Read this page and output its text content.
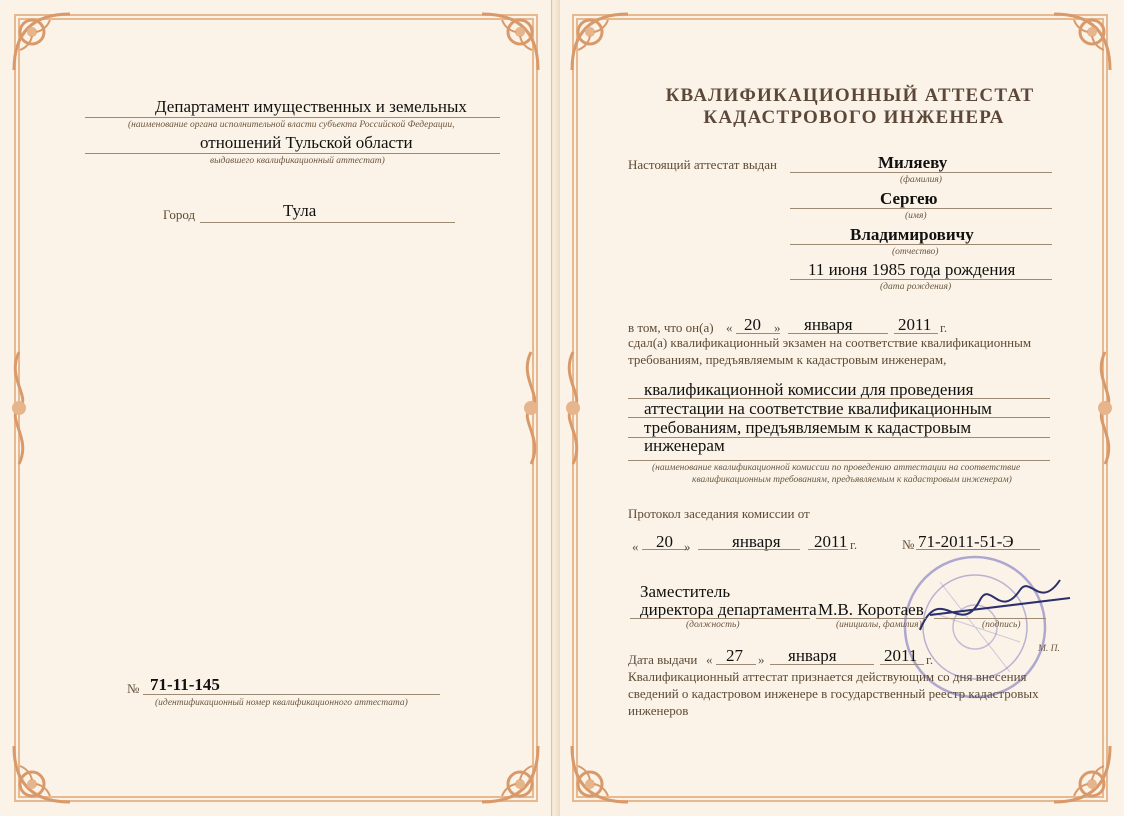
Департамент имущественных и земельных
(наименование органа исполнительной власти субъекта Российской Федерации,
отношений Тульской области
выдавшего квалификационный аттестат)
Город	Тула
№ 71-11-145
(идентификационный номер квалификационного аттестата)
КВАЛИФИКАЦИОННЫЙ АТТЕСТАТ
КАДАСТРОВОГО ИНЖЕНЕРА
Настоящий аттестат выдан	Миляеву
(фамилия)
Сергею
(имя)
Владимировичу
(отчество)
11 июня 1985 года рождения
(дата рождения)
в том, что он(а) « 20 » января	2011 г.
сдал(а) квалификационный экзамен на соответствие квалификационным
требованиям, предъявляемым к кадастровым инженерам,
квалификационной комиссии для проведения
аттестации на соответствие квалификационным
требованиям, предъявляемым к кадастровым
инженерам
(наименование квалификационной комиссии по проведению аттестации на соответствие
квалификационным требованиям, предъявляемым к кадастровым инженерам)
Протокол заседания комиссии от
« 20 » января 2011 г.	№ 71-2011-51-Э
Заместитель
директора департамента
(должность)
М.В. Коротаев
(инициалы, фамилия)	(подпись)
М. П.
Дата выдачи « 27 » января	2011 г.
Квалификационный аттестат признается действующим со дня внесения
сведений о кадастровом инженере в государственный реестр кадастровых
инженеров
